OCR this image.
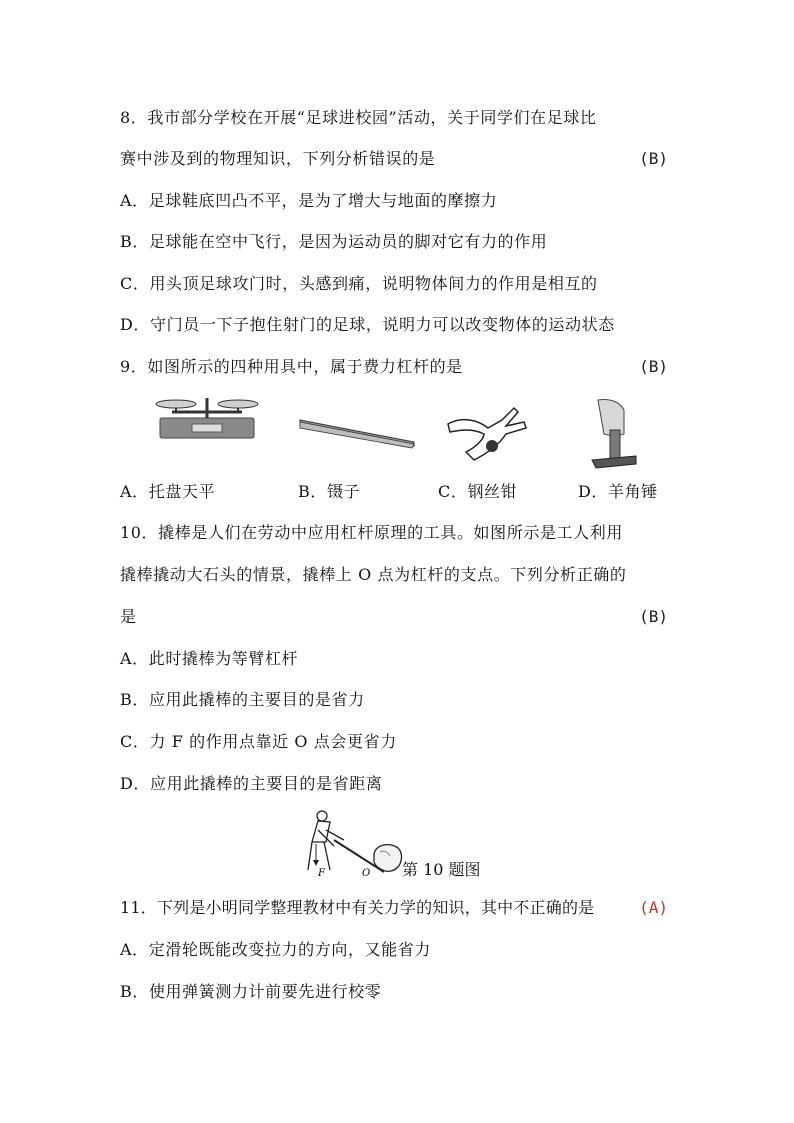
8．我市部分学校在开展“足球进校园”活动，关于同学们在足球比
赛中涉及到的物理知识，下列分析错误的是	(B)
A．足球鞋底凹凸不平，是为了增大与地面的摩擦力
B．足球能在空中飞行，是因为运动员的脚对它有力的作用
C．用头顶足球攻门时，头感到痛，说明物体间力的作用是相互的
D．守门员一下子抱住射门的足球，说明力可以改变物体的运动状态
9．如图所示的四种用具中，属于费力杠杆的是	(B)
A．托盘天平	B．镊子	C．钢丝钳	D．羊角锤
10．撬棒是人们在劳动中应用杠杆原理的工具。如图所示是工人利用
撬棒撬动大石头的情景，撬棒上 O 点为杠杆的支点。下列分析正确的
是	(B)
A．此时撬棒为等臂杠杆
B．应用此撬棒的主要目的是省力
C．力 F 的作用点靠近 O 点会更省力
D．应用此撬棒的主要目的是省距离
F	O 第 10 题图
11．下列是小明同学整理教材中有关力学的知识，其中不正确的是	(A)
A．定滑轮既能改变拉力的方向，又能省力
B．使用弹簧测力计前要先进行校零
